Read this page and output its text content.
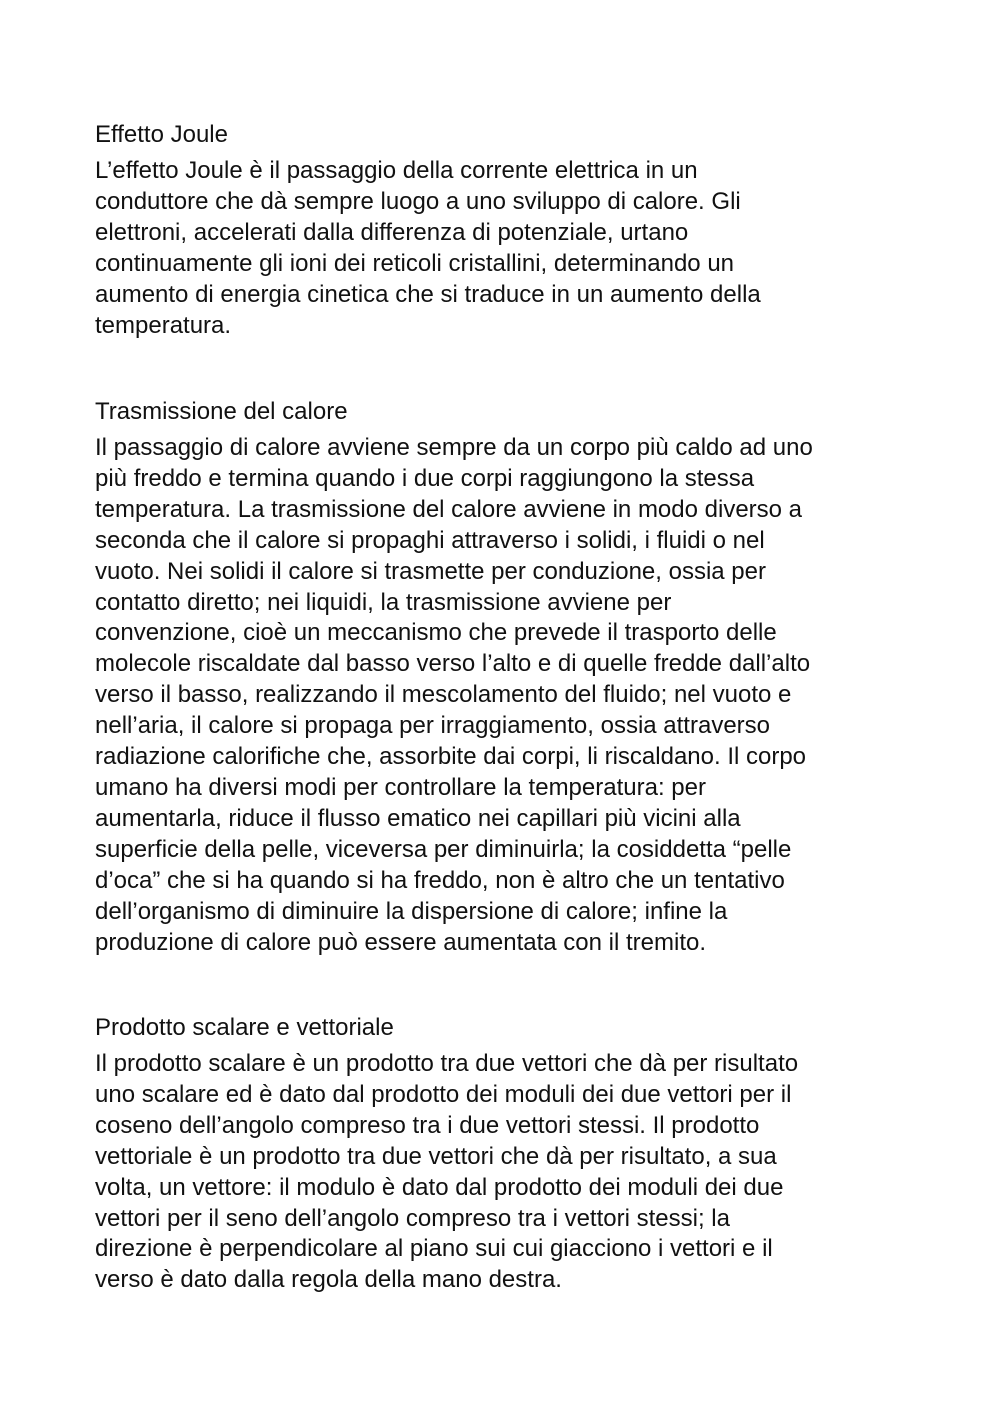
Effetto Joule
L’effetto Joule è il passaggio della corrente elettrica in un
conduttore che dà sempre luogo a uno sviluppo di calore. Gli
elettroni, accelerati dalla differenza di potenziale, urtano
continuamente gli ioni dei reticoli cristallini, determinando un
aumento di energia cinetica che si traduce in un aumento della
temperatura.
Trasmissione del calore
Il passaggio di calore avviene sempre da un corpo più caldo ad uno
più freddo e termina quando i due corpi raggiungono la stessa
temperatura. La trasmissione del calore avviene in modo diverso a
seconda che il calore si propaghi attraverso i solidi, i fluidi o nel
vuoto. Nei solidi il calore si trasmette per conduzione, ossia per
contatto diretto; nei liquidi, la trasmissione avviene per
convenzione, cioè un meccanismo che prevede il trasporto delle
molecole riscaldate dal basso verso l’alto e di quelle fredde dall’alto
verso il basso, realizzando il mescolamento del fluido; nel vuoto e
nell’aria, il calore si propaga per irraggiamento, ossia attraverso
radiazione calorifiche che, assorbite dai corpi, li riscaldano. Il corpo
umano ha diversi modi per controllare la temperatura: per
aumentarla, riduce il flusso ematico nei capillari più vicini alla
superficie della pelle, viceversa per diminuirla; la cosiddetta “pelle
d’oca” che si ha quando si ha freddo, non è altro che un tentativo
dell’organismo di diminuire la dispersione di calore; infine la
produzione di calore può essere aumentata con il tremito.
Prodotto scalare e vettoriale
Il prodotto scalare è un prodotto tra due vettori che dà per risultato
uno scalare ed è dato dal prodotto dei moduli dei due vettori per il
coseno dell’angolo compreso tra i due vettori stessi. Il prodotto
vettoriale è un prodotto tra due vettori che dà per risultato, a sua
volta, un vettore: il modulo è dato dal prodotto dei moduli dei due
vettori per il seno dell’angolo compreso tra i vettori stessi; la
direzione è perpendicolare al piano sui cui giacciono i vettori e il
verso è dato dalla regola della mano destra.
